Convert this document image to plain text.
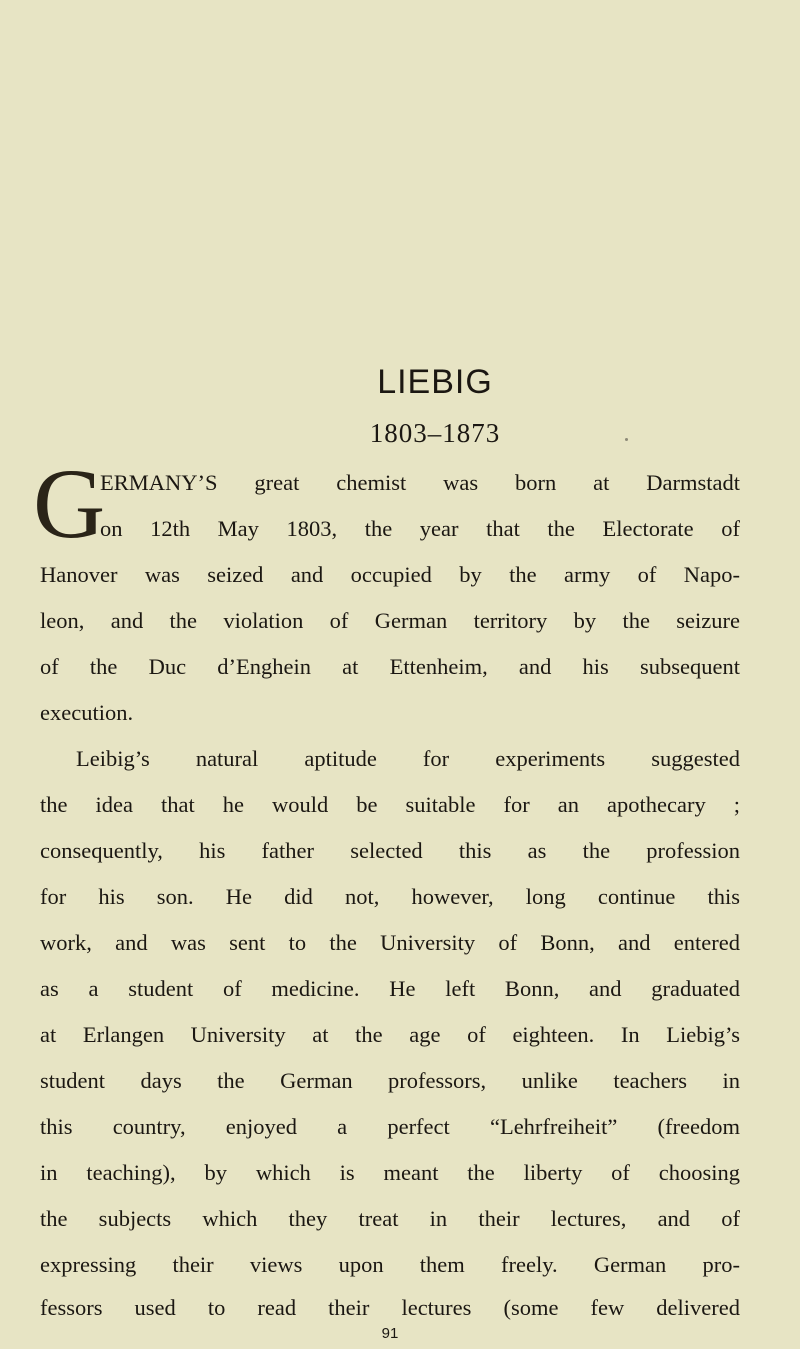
LIEBIG
1803–1873
G
ERMANY’S great chemist was born at Darmstadt
on 12th May 1803, the year that the Electorate of
Hanover was seized and occupied by the army of Napo-
leon, and the violation of German territory by the seizure
of the Duc d’Enghein at Ettenheim, and his subsequent
execution.
Leibig’s natural aptitude for experiments suggested
the idea that he would be suitable for an apothecary ;
consequently, his father selected this as the profession
for his son. He did not, however, long continue this
work, and was sent to the University of Bonn, and entered
as a student of medicine. He left Bonn, and graduated
at Erlangen University at the age of eighteen. In Liebig’s
student days the German professors, unlike teachers in
this country, enjoyed a perfect “Lehrfreiheit” (freedom
in teaching), by which is meant the liberty of choosing
the subjects which they treat in their lectures, and of
expressing their views upon them freely. German pro-
fessors used to read their lectures (some few delivered
91
